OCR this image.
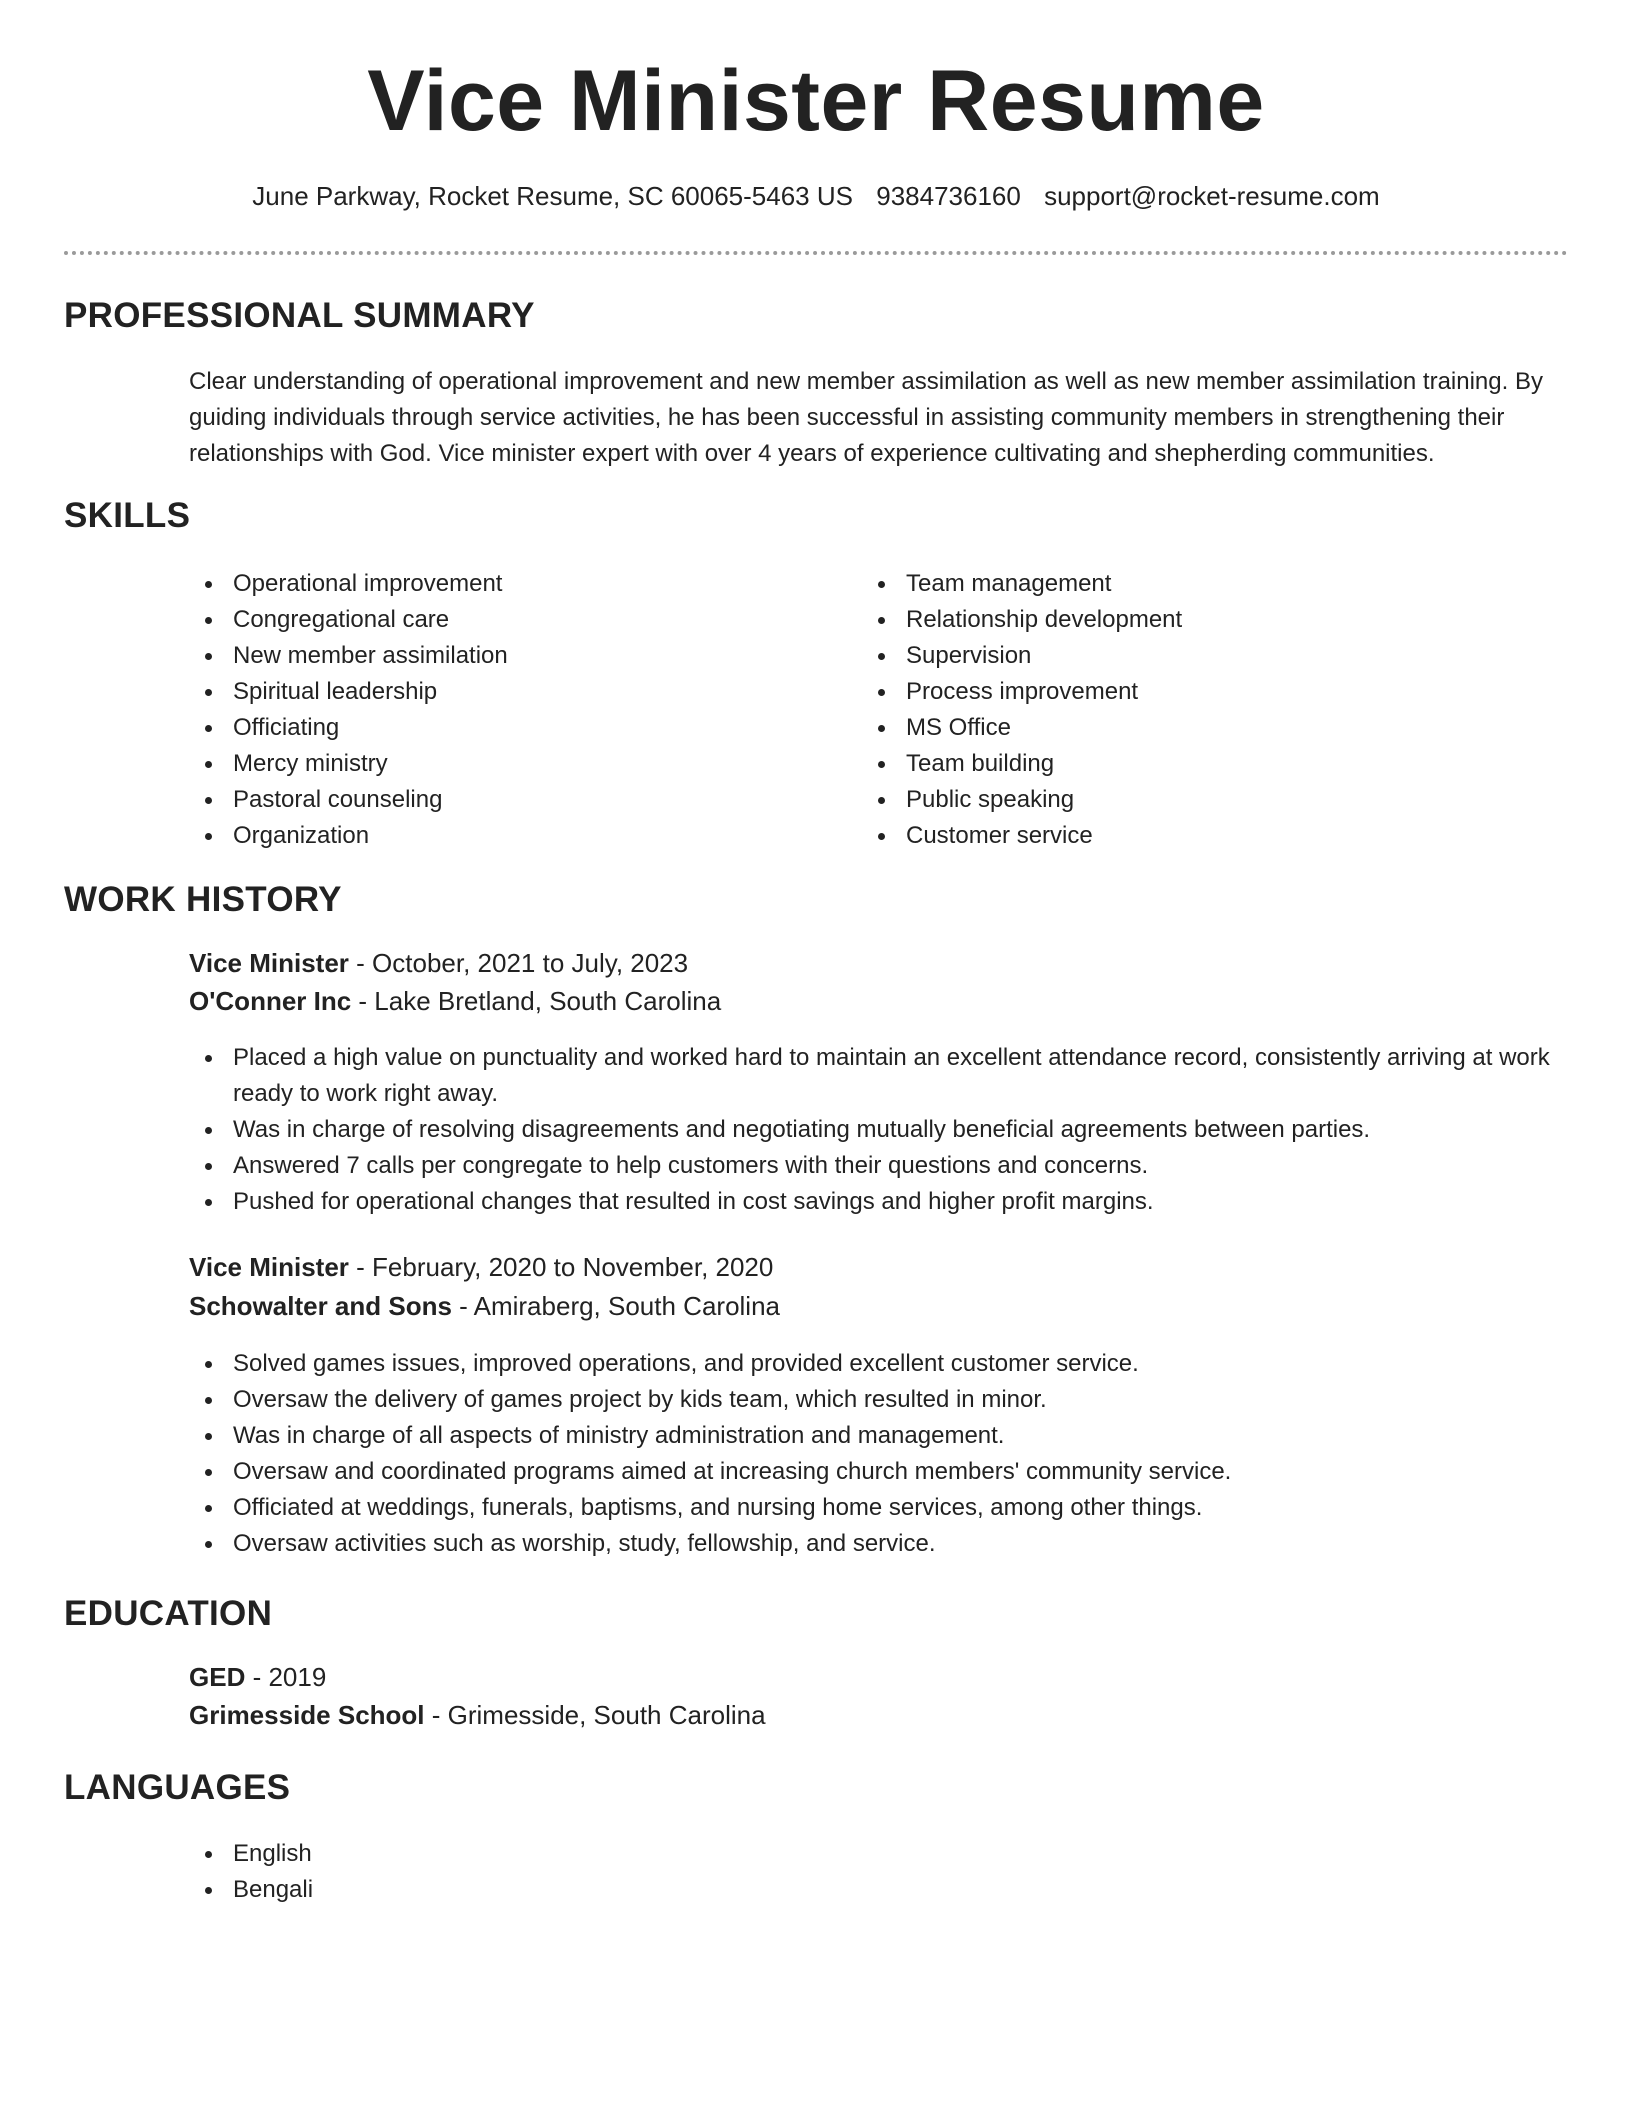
Vice Minister Resume
June Parkway, Rocket Resume, SC 60065-5463 US 9384736160 support@rocket-resume.com
PROFESSIONAL SUMMARY

Clear understanding of operational improvement and new member assimilation as well as new member assimilation training. By guiding individuals through service activities, he has been successful in assisting community members in strengthening their relationships with God. Vice minister expert with over 4 years of experience cultivating and shepherding communities.

SKILLS
Operational improvement
Congregational care
New member assimilation
Spiritual leadership
Officiating
Mercy ministry
Pastoral counseling
Organization
Team management
Relationship development
Supervision
Process improvement
MS Office
Team building
Public speaking
Customer service
WORK HISTORY
Vice Minister - October, 2021 to July, 2023
O'Conner Inc - Lake Bretland, South Carolina
Placed a high value on punctuality and worked hard to maintain an excellent attendance record, consistently arriving at work ready to work right away.
Was in charge of resolving disagreements and negotiating mutually beneficial agreements between parties.
Answered 7 calls per congregate to help customers with their questions and concerns.
Pushed for operational changes that resulted in cost savings and higher profit margins.
Vice Minister - February, 2020 to November, 2020
Schowalter and Sons - Amiraberg, South Carolina
Solved games issues, improved operations, and provided excellent customer service.
Oversaw the delivery of games project by kids team, which resulted in minor.
Was in charge of all aspects of ministry administration and management.
Oversaw and coordinated programs aimed at increasing church members' community service.
Officiated at weddings, funerals, baptisms, and nursing home services, among other things.
Oversaw activities such as worship, study, fellowship, and service.
EDUCATION
GED - 2019
Grimesside School - Grimesside, South Carolina
LANGUAGES
English
Bengali
